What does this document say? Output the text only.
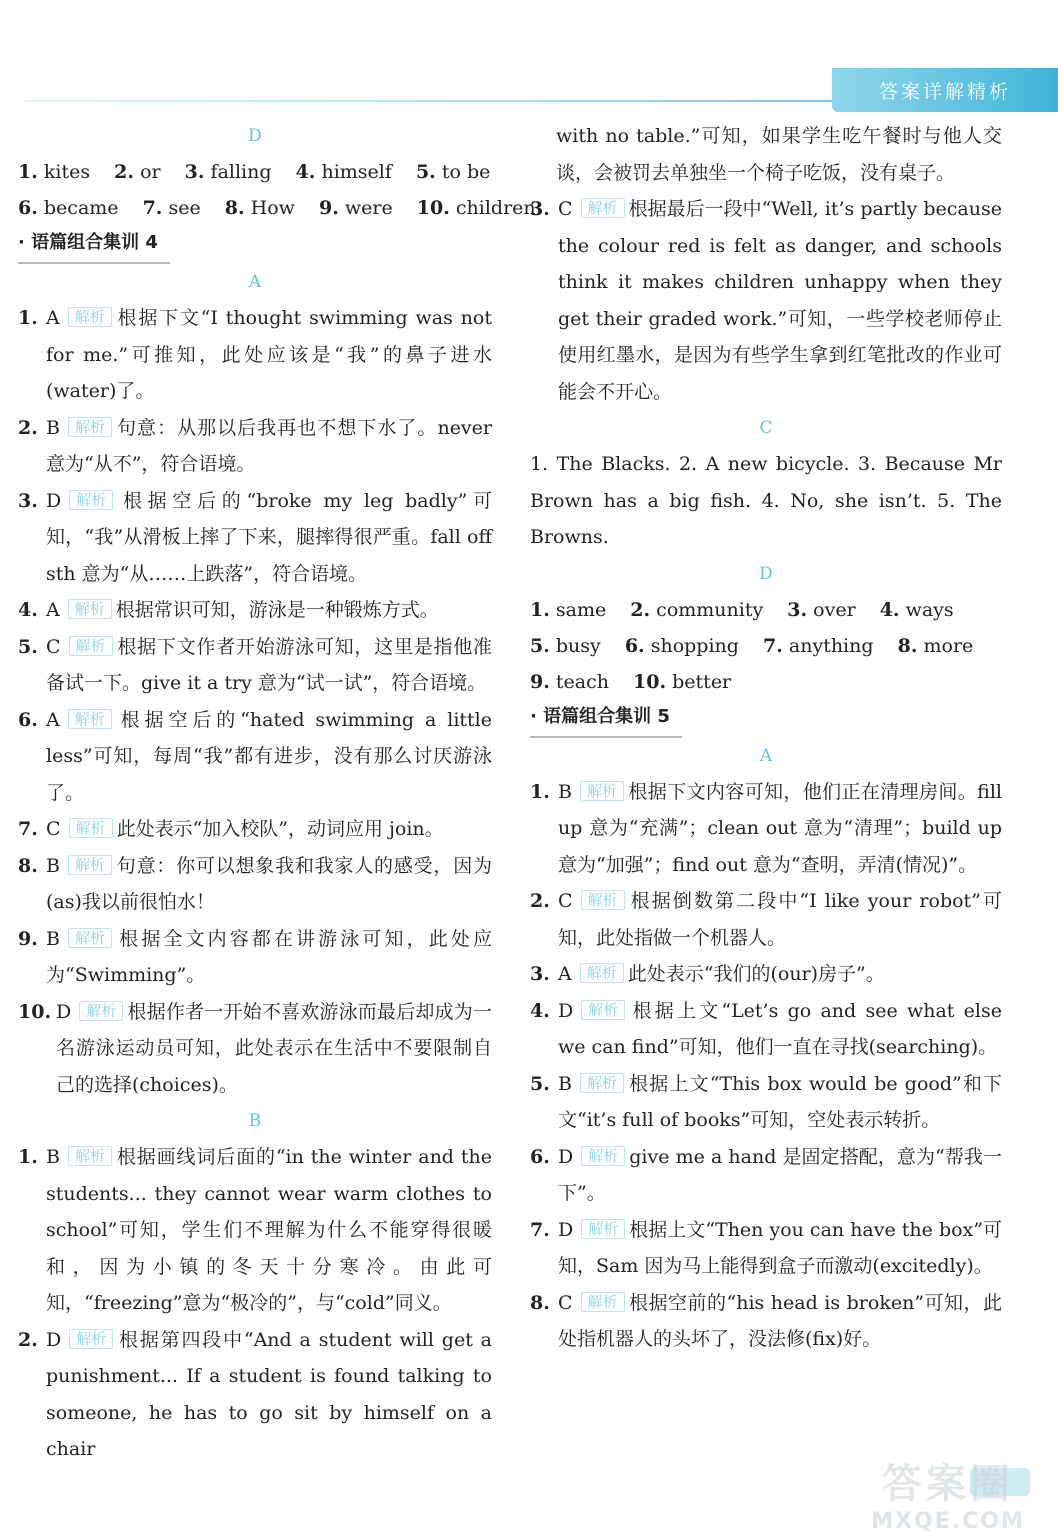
答案详解精析
D
1. kites 2. or 3. falling 4. himself 5. to be
6. became 7. see 8. How 9. were 10. children
· 语篇组合集训 4
A
1. A 解析 根据下文“I thought swimming was not for me.”可推知，此处应该是“我”的鼻子进水(water)了。
2. B 解析 句意：从那以后我再也不想下水了。never 意为“从不”，符合语境。
3. D 解析 根据空后的“broke my leg badly”可知，“我”从滑板上摔了下来，腿摔得很严重。fall off sth 意为“从……上跌落”，符合语境。
4. A 解析 根据常识可知，游泳是一种锻炼方式。
5. C 解析 根据下文作者开始游泳可知，这里是指他准备试一下。give it a try 意为“试一试”，符合语境。
6. A 解析 根据空后的“hated swimming a little less”可知，每周“我”都有进步，没有那么讨厌游泳了。
7. C 解析 此处表示“加入校队”，动词应用 join。
8. B 解析 句意：你可以想象我和我家人的感受，因为(as)我以前很怕水！
9. B 解析 根据全文内容都在讲游泳可知，此处应为“Swimming”。
10. D 解析 根据作者一开始不喜欢游泳而最后却成为一名游泳运动员可知，此处表示在生活中不要限制自己的选择(choices)。
B
1. B 解析 根据画线词后面的“in the winter and the students... they cannot wear warm clothes to school”可知，学生们不理解为什么不能穿得很暖和，因为小镇的冬天十分寒冷。由此可知，“freezing”意为“极冷的”，与“cold”同义。
2. D 解析 根据第四段中“And a student will get a punishment... If a student is found talking to someone, he has to go sit by himself on a chair
with no table.”可知，如果学生吃午餐时与他人交谈，会被罚去单独坐一个椅子吃饭，没有桌子。
3. C 解析 根据最后一段中“Well, it’s partly because the colour red is felt as danger, and schools think it makes children unhappy when they get their graded work.”可知，一些学校老师停止使用红墨水，是因为有些学生拿到红笔批改的作业可能会不开心。
C
1. The Blacks. 2. A new bicycle. 3. Because Mr Brown has a big fish. 4. No, she isn’t. 5. The Browns.
D
1. same 2. community 3. over 4. ways
5. busy 6. shopping 7. anything 8. more
9. teach 10. better
· 语篇组合集训 5
A
1. B 解析 根据下文内容可知，他们正在清理房间。fill up 意为“充满”；clean out 意为“清理”；build up 意为“加强”；find out 意为“查明，弄清(情况)”。
2. C 解析 根据倒数第二段中“I like your robot”可知，此处指做一个机器人。
3. A 解析 此处表示“我们的(our)房子”。
4. D 解析 根据上文“Let’s go and see what else we can find”可知，他们一直在寻找(searching)。
5. B 解析 根据上文“This box would be good”和下文“it’s full of books”可知，空处表示转折。
6. D 解析 give me a hand 是固定搭配，意为“帮我一下”。
7. D 解析 根据上文“Then you can have the box”可知，Sam 因为马上能得到盒子而激动(excitedly)。
8. C 解析 根据空前的“his head is broken”可知，此处指机器人的头坏了，没法修(fix)好。
答案圈
MXQE.COM
